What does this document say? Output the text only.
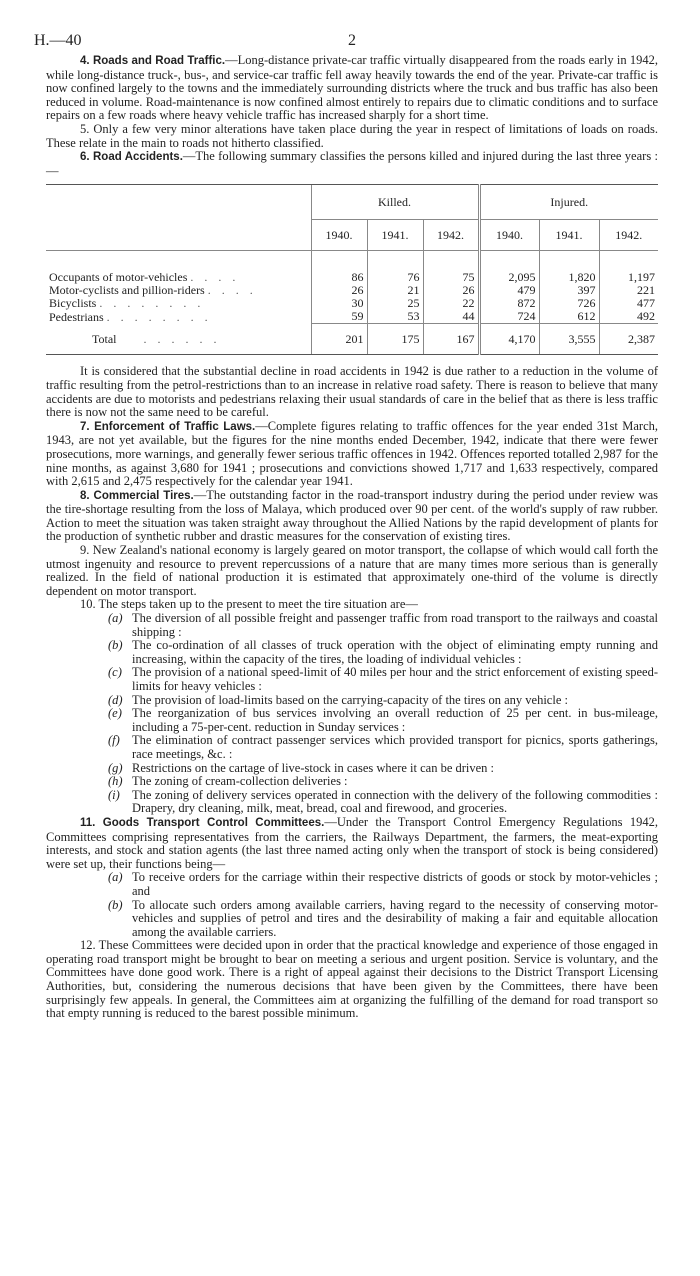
H.—40	2

4. Roads and Road Traffic.—Long-distance private-car traffic virtually disappeared from the roads early in 1942, while long-distance truck-, bus-, and service-car traffic fell away heavily towards the end of the year. Private-car traffic is now confined largely to the towns and the immediately surrounding districts where the truck and bus traffic has also been reduced in volume. Road-maintenance is now confined almost entirely to repairs due to climatic conditions and to surface repairs on a few roads where heavy vehicle traffic has increased sharply for a short time.

5. Only a few very minor alterations have taken place during the year in respect of limitations of loads on roads. These relate in the main to roads not hitherto classified.

6. Road Accidents.—The following summary classifies the persons killed and injured during the last three years :—

	Killed.			Injured.		
	1940.	1941.	1942.	1940.	1941.	1942.

Occupants of motor-vehicles . . . .	86	76	75	2,095	1,820	1,197
Motor-cyclists and pillion-riders . . . .	26	21	26	479	397	221
Bicyclists . . . . . . . .	30	25	22	872	726	477
Pedestrians . . . . . . . .	59	53	44	724	612	492
Total . . . . . .	201	175	167	4,170	3,555	2,387

It is considered that the substantial decline in road accidents in 1942 is due rather to a reduction in the volume of traffic resulting from the petrol-restrictions than to an increase in relative road safety. There is reason to believe that many accidents are due to motorists and pedestrians relaxing their usual standards of care in the belief that as there is less traffic there is now not the same need to be careful.

7. Enforcement of Traffic Laws.—Complete figures relating to traffic offences for the year ended 31st March, 1943, are not yet available, but the figures for the nine months ended December, 1942, indicate that there were fewer prosecutions, more warnings, and generally fewer serious traffic offences in 1942. Offences reported totalled 2,987 for the nine months, as against 3,680 for 1941 ; prosecutions and convictions showed 1,717 and 1,633 respectively, compared with 2,615 and 2,475 respectively for the calendar year 1941.

8. Commercial Tires.—The outstanding factor in the road-transport industry during the period under review was the tire-shortage resulting from the loss of Malaya, which produced over 90 per cent. of the world's supply of raw rubber. Action to meet the situation was taken straight away throughout the Allied Nations by the rapid development of plants for the production of synthetic rubber and drastic measures for the conservation of existing tires.

9. New Zealand's national economy is largely geared on motor transport, the collapse of which would call forth the utmost ingenuity and resource to prevent repercussions of a nature that are many times more serious than is generally realized. In the field of national production it is estimated that approximately one-third of the volume is directly dependent on motor transport.

10. The steps taken up to the present to meet the tire situation are—

(a) The diversion of all possible freight and passenger traffic from road transport to the railways and coastal shipping :
(b) The co-ordination of all classes of truck operation with the object of eliminating empty running and increasing, within the capacity of the tires, the loading of individual vehicles :
(c) The provision of a national speed-limit of 40 miles per hour and the strict enforcement of existing speed-limits for heavy vehicles :
(d) The provision of load-limits based on the carrying-capacity of the tires on any vehicle :
(e) The reorganization of bus services involving an overall reduction of 25 per cent. in bus-mileage, including a 75-per-cent. reduction in Sunday services :
(f) The elimination of contract passenger services which provided transport for picnics, sports gatherings, race meetings, &c. :
(g) Restrictions on the cartage of live-stock in cases where it can be driven :
(h) The zoning of cream-collection deliveries :
(i) The zoning of delivery services operated in connection with the delivery of the following commodities : Drapery, dry cleaning, milk, meat, bread, coal and firewood, and groceries.

11. Goods Transport Control Committees.—Under the Transport Control Emergency Regulations 1942, Committees comprising representatives from the carriers, the Railways Department, the farmers, the meat-exporting interests, and stock and station agents (the last three named acting only when the transport of stock is being considered) were set up, their functions being—

(a) To receive orders for the carriage within their respective districts of goods or stock by motor-vehicles ; and
(b) To allocate such orders among available carriers, having regard to the necessity of conserving motor-vehicles and supplies of petrol and tires and the desirability of making a fair and equitable allocation among the available carriers.

12. These Committees were decided upon in order that the practical knowledge and experience of those engaged in operating road transport might be brought to bear on meeting a serious and urgent position. Service is voluntary, and the Committees have done good work. There is a right of appeal against their decisions to the District Transport Licensing Authorities, but, considering the numerous decisions that have been given by the Committees, there have been surprisingly few appeals. In general, the Committees aim at organizing the fulfilling of the demand for road transport so that empty running is reduced to the barest possible minimum.
